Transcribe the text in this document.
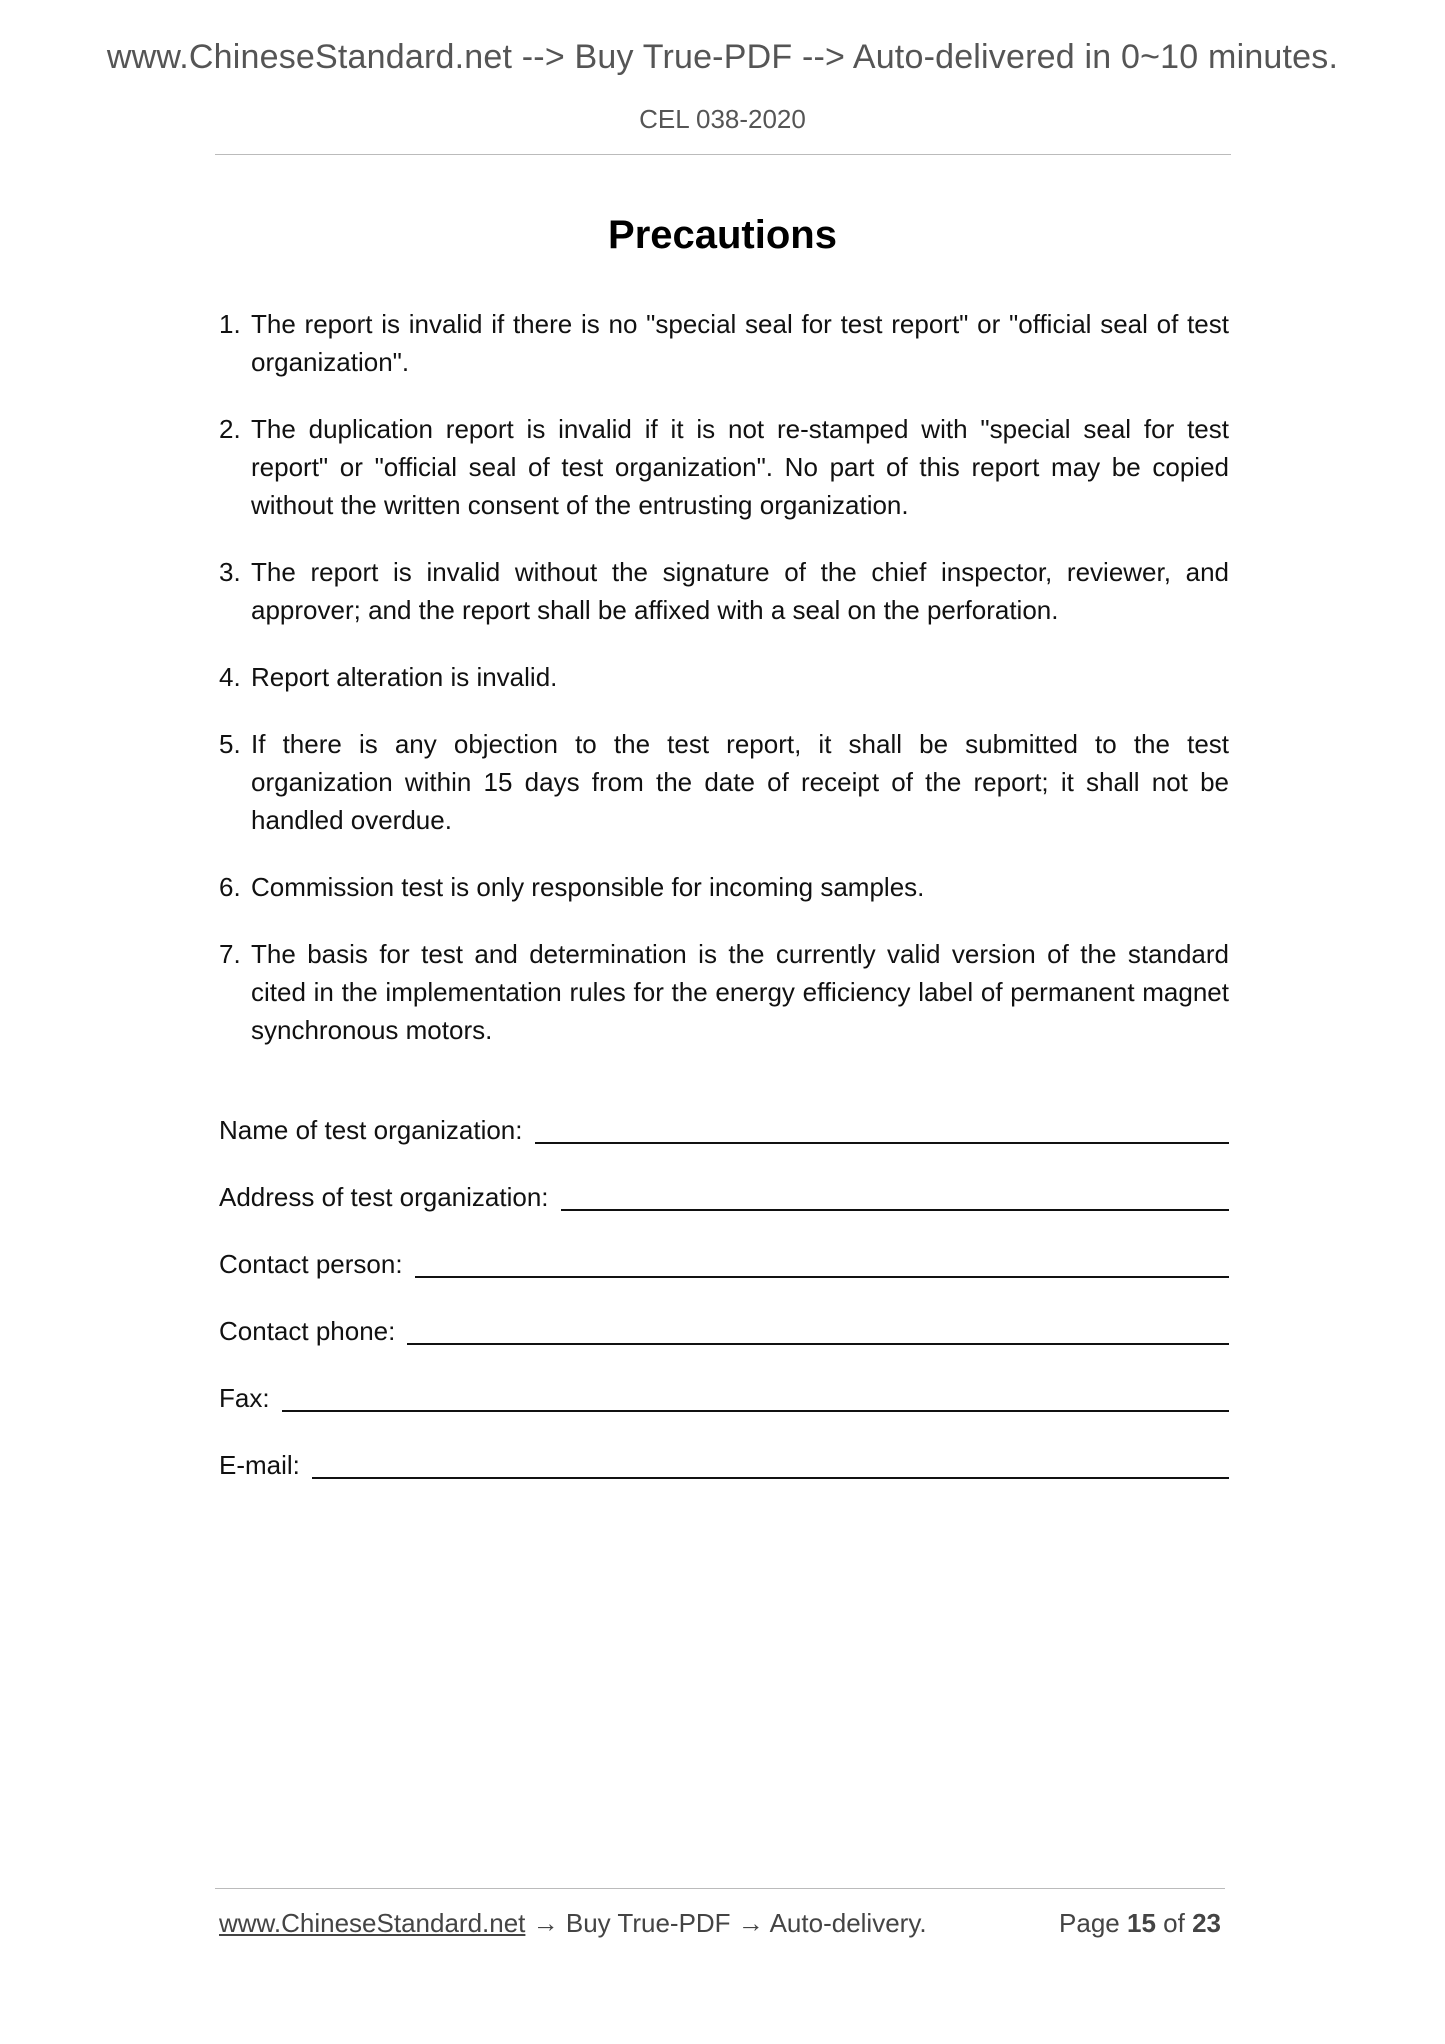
www.ChineseStandard.net --> Buy True-PDF --> Auto-delivered in 0~10 minutes.
CEL 038-2020
Precautions
1. The report is invalid if there is no "special seal for test report" or "official seal of test organization".
2. The duplication report is invalid if it is not re-stamped with "special seal for test report" or "official seal of test organization". No part of this report may be copied without the written consent of the entrusting organization.
3. The report is invalid without the signature of the chief inspector, reviewer, and approver; and the report shall be affixed with a seal on the perforation.
4. Report alteration is invalid.
5. If there is any objection to the test report, it shall be submitted to the test organization within 15 days from the date of receipt of the report; it shall not be handled overdue.
6. Commission test is only responsible for incoming samples.
7. The basis for test and determination is the currently valid version of the standard cited in the implementation rules for the energy efficiency label of permanent magnet synchronous motors.
Name of test organization:
Address of test organization:
Contact person:
Contact phone:
Fax:
E-mail:
www.ChineseStandard.net → Buy True-PDF → Auto-delivery.	Page 15 of 23
